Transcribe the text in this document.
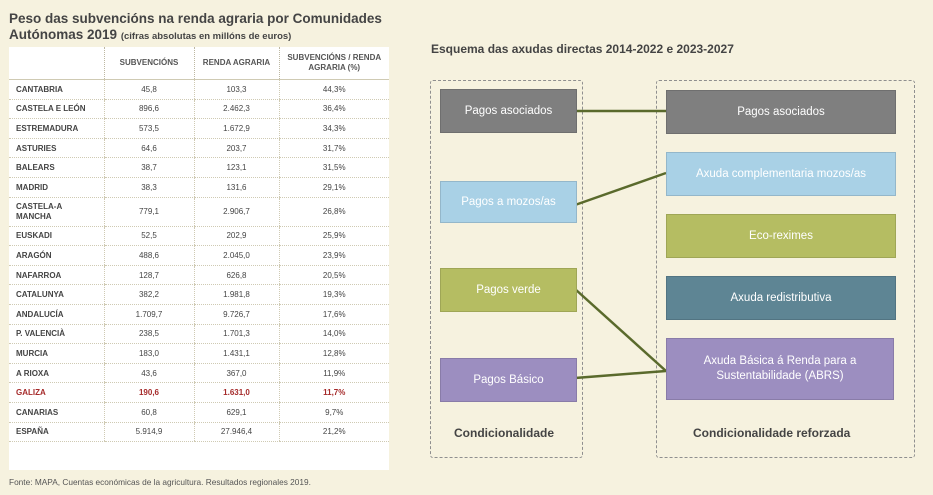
Peso das subvencións na renda agraria por Comunidades Autónomas 2019 (cifras absolutas en millóns de euros)
	SUBVENCIÓNS	RENDA AGRARIA	SUBVENCIÓNS / RENDA AGRARIA (%)
CANTABRIA	45,8	103,3	44,3%
CASTELA E LEÓN	896,6	2.462,3	36,4%
ESTREMADURA	573,5	1.672,9	34,3%
ASTURIES	64,6	203,7	31,7%
BALEARS	38,7	123,1	31,5%
MADRID	38,3	131,6	29,1%
CASTELA-A MANCHA	779,1	2.906,7	26,8%
EUSKADI	52,5	202,9	25,9%
ARAGÓN	488,6	2.045,0	23,9%
NAFARROA	128,7	626,8	20,5%
CATALUNYA	382,2	1.981,8	19,3%
ANDALUCÍA	1.709,7	9.726,7	17,6%
P. VALENCIÀ	238,5	1.701,3	14,0%
MURCIA	183,0	1.431,1	12,8%
A RIOXA	43,6	367,0	11,9%
GALIZA	190,6	1.631,0	11,7%
CANARIAS	60,8	629,1	9,7%
ESPAÑA	5.914,9	27.946,4	21,2%
Fonte: MAPA, Cuentas económicas de la agricultura. Resultados regionales 2019.
Esquema das axudas directas 2014-2022 e 2023-2027
Pagos asociados
Pagos a mozos/as
Pagos verde
Pagos Básico
Pagos asociados
Axuda complementaria mozos/as
Eco-reximes
Axuda redistributiva
Axuda Básica á Renda para a Sustentabilidade (ABRS)
Condicionalidade	Condicionalidade reforzada
